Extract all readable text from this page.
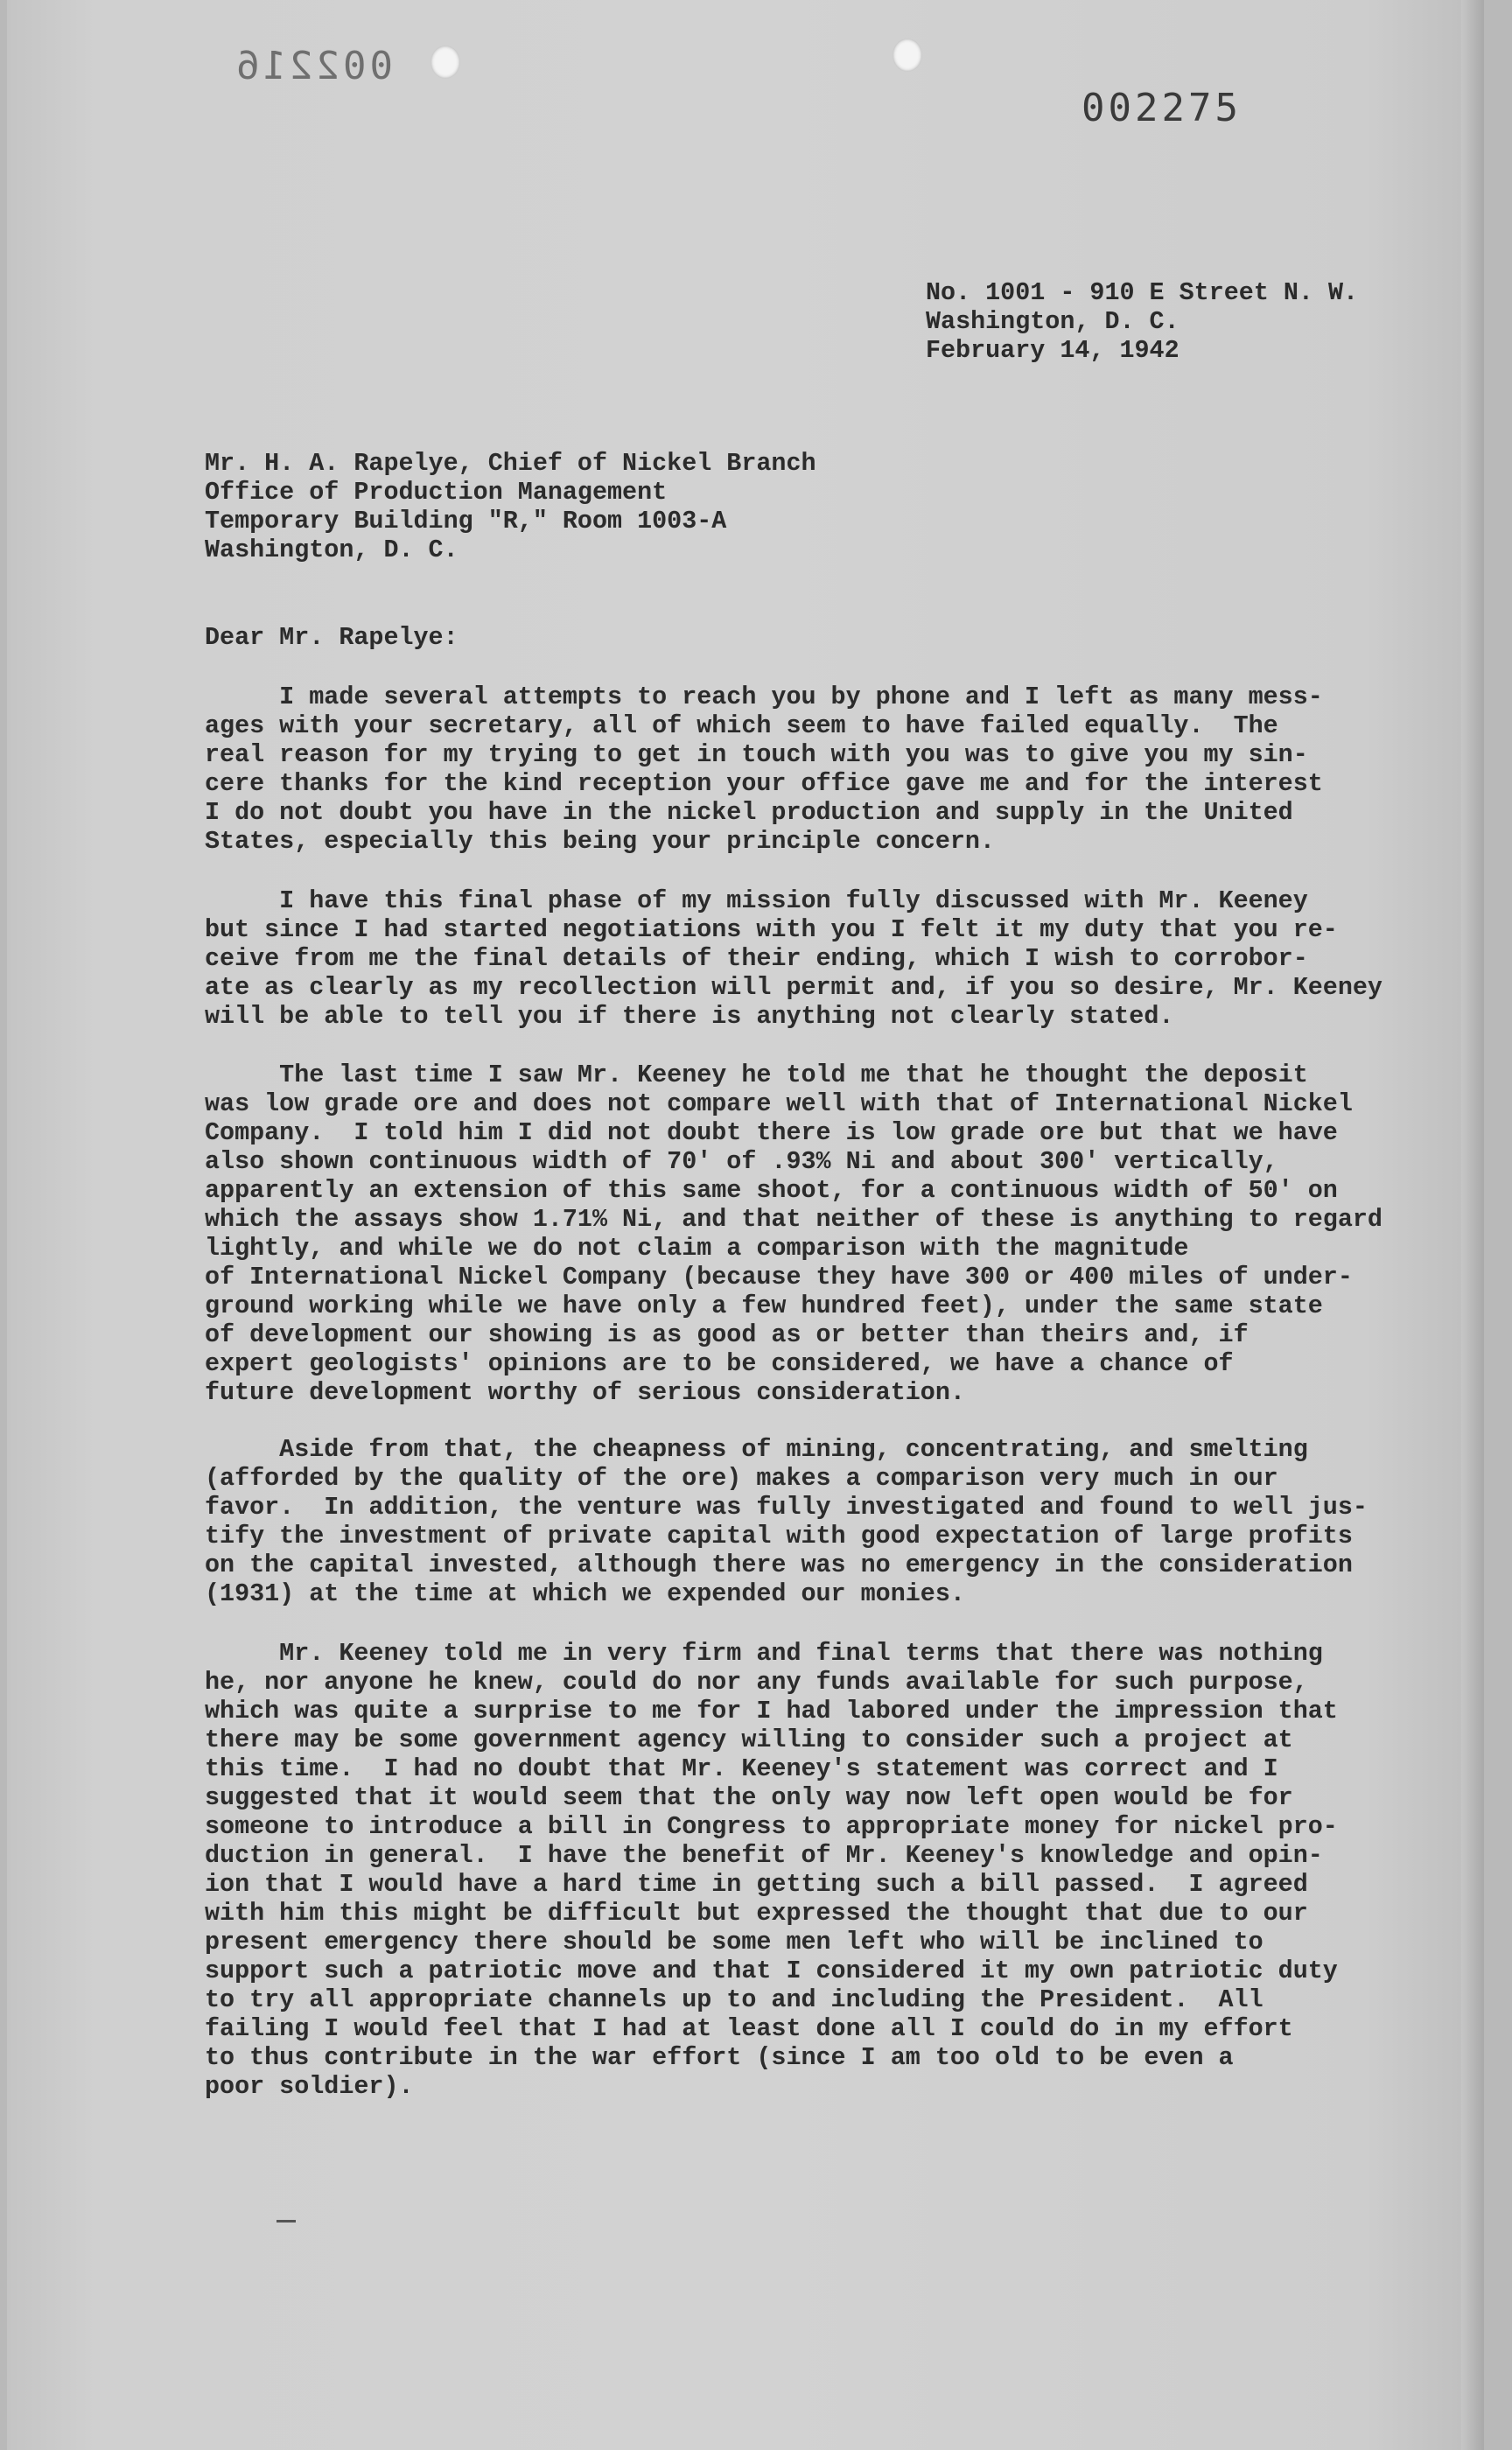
002216
002275
No. 1001 - 910 E Street N. W.
Washington, D. C.
February 14, 1942
Mr. H. A. Rapelye, Chief of Nickel Branch
Office of Production Management
Temporary Building "R," Room 1003-A
Washington, D. C.
Dear Mr. Rapelye:
I made several attempts to reach you by phone and I left as many mess-
ages with your secretary, all of which seem to have failed equally.  The
real reason for my trying to get in touch with you was to give you my sin-
cere thanks for the kind reception your office gave me and for the interest
I do not doubt you have in the nickel production and supply in the United
States, especially this being your principle concern.
I have this final phase of my mission fully discussed with Mr. Keeney
but since I had started negotiations with you I felt it my duty that you re-
ceive from me the final details of their ending, which I wish to corrobor-
ate as clearly as my recollection will permit and, if you so desire, Mr. Keeney
will be able to tell you if there is anything not clearly stated.
The last time I saw Mr. Keeney he told me that he thought the deposit
was low grade ore and does not compare well with that of International Nickel
Company.  I told him I did not doubt there is low grade ore but that we have
also shown continuous width of 70' of .93% Ni and about 300' vertically,
apparently an extension of this same shoot, for a continuous width of 50' on
which the assays show 1.71% Ni, and that neither of these is anything to regard
lightly, and while we do not claim a comparison with the magnitude
of International Nickel Company (because they have 300 or 400 miles of under-
ground working while we have only a few hundred feet), under the same state
of development our showing is as good as or better than theirs and, if
expert geologists' opinions are to be considered, we have a chance of
future development worthy of serious consideration.
Aside from that, the cheapness of mining, concentrating, and smelting
(afforded by the quality of the ore) makes a comparison very much in our
favor.  In addition, the venture was fully investigated and found to well jus-
tify the investment of private capital with good expectation of large profits
on the capital invested, although there was no emergency in the consideration
(1931) at the time at which we expended our monies.
Mr. Keeney told me in very firm and final terms that there was nothing
he, nor anyone he knew, could do nor any funds available for such purpose,
which was quite a surprise to me for I had labored under the impression that
there may be some government agency willing to consider such a project at
this time.  I had no doubt that Mr. Keeney's statement was correct and I
suggested that it would seem that the only way now left open would be for
someone to introduce a bill in Congress to appropriate money for nickel pro-
duction in general.  I have the benefit of Mr. Keeney's knowledge and opin-
ion that I would have a hard time in getting such a bill passed.  I agreed
with him this might be difficult but expressed the thought that due to our
present emergency there should be some men left who will be inclined to
support such a patriotic move and that I considered it my own patriotic duty
to try all appropriate channels up to and including the President.  All
failing I would feel that I had at least done all I could do in my effort
to thus contribute in the war effort (since I am too old to be even a
poor soldier).
